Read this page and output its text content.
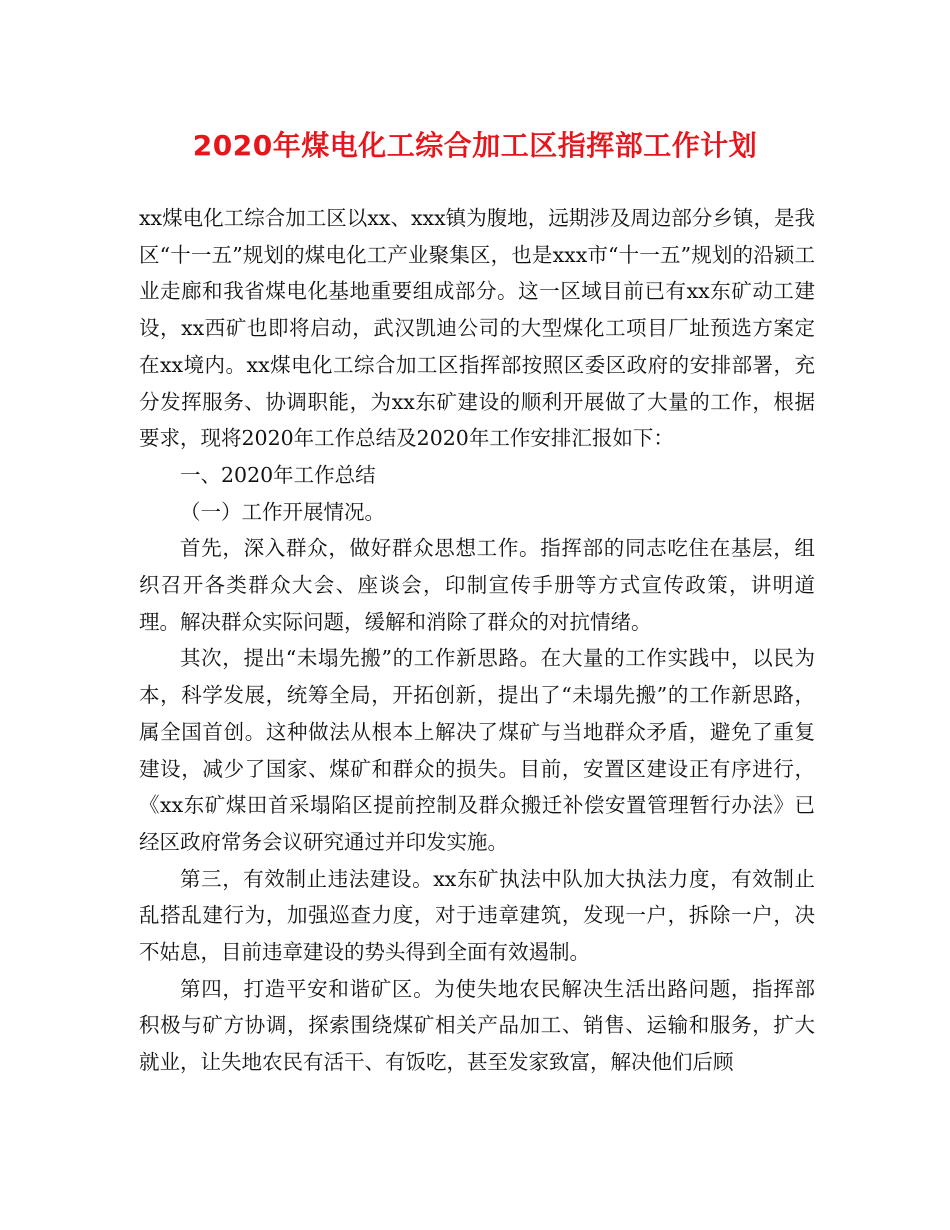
2020年煤电化工综合加工区指挥部工作计划

xx煤电化工综合加工区以xx、xxx镇为腹地，远期涉及周边部分乡镇，是我区“十一五”规划的煤电化工产业聚集区，也是xxx市“十一五”规划的沿颍工业走廊和我省煤电化基地重要组成部分。这一区域目前已有xx东矿动工建设，xx西矿也即将启动，武汉凯迪公司的大型煤化工项目厂址预选方案定在xx境内。xx煤电化工综合加工区指挥部按照区委区政府的安排部署，充分发挥服务、协调职能，为xx东矿建设的顺利开展做了大量的工作，根据要求，现将2020年工作总结及2020年工作安排汇报如下：

一、2020年工作总结

（一）工作开展情况。

首先，深入群众，做好群众思想工作。指挥部的同志吃住在基层，组织召开各类群众大会、座谈会，印制宣传手册等方式宣传政策，讲明道理。解决群众实际问题，缓解和消除了群众的对抗情绪。

其次，提出“未塌先搬”的工作新思路。在大量的工作实践中，以民为本，科学发展，统筹全局，开拓创新，提出了“未塌先搬”的工作新思路，属全国首创。这种做法从根本上解决了煤矿与当地群众矛盾，避免了重复建设，减少了国家、煤矿和群众的损失。目前，安置区建设正有序进行，《xx东矿煤田首采塌陷区提前控制及群众搬迁补偿安置管理暂行办法》已经区政府常务会议研究通过并印发实施。

第三，有效制止违法建设。xx东矿执法中队加大执法力度，有效制止乱搭乱建行为，加强巡查力度，对于违章建筑，发现一户，拆除一户，决不姑息，目前违章建设的势头得到全面有效遏制。

第四，打造平安和谐矿区。为使失地农民解决生活出路问题，指挥部积极与矿方协调，探索围绕煤矿相关产品加工、销售、运输和服务，扩大就业，让失地农民有活干、有饭吃，甚至发家致富，解决他们后顾
